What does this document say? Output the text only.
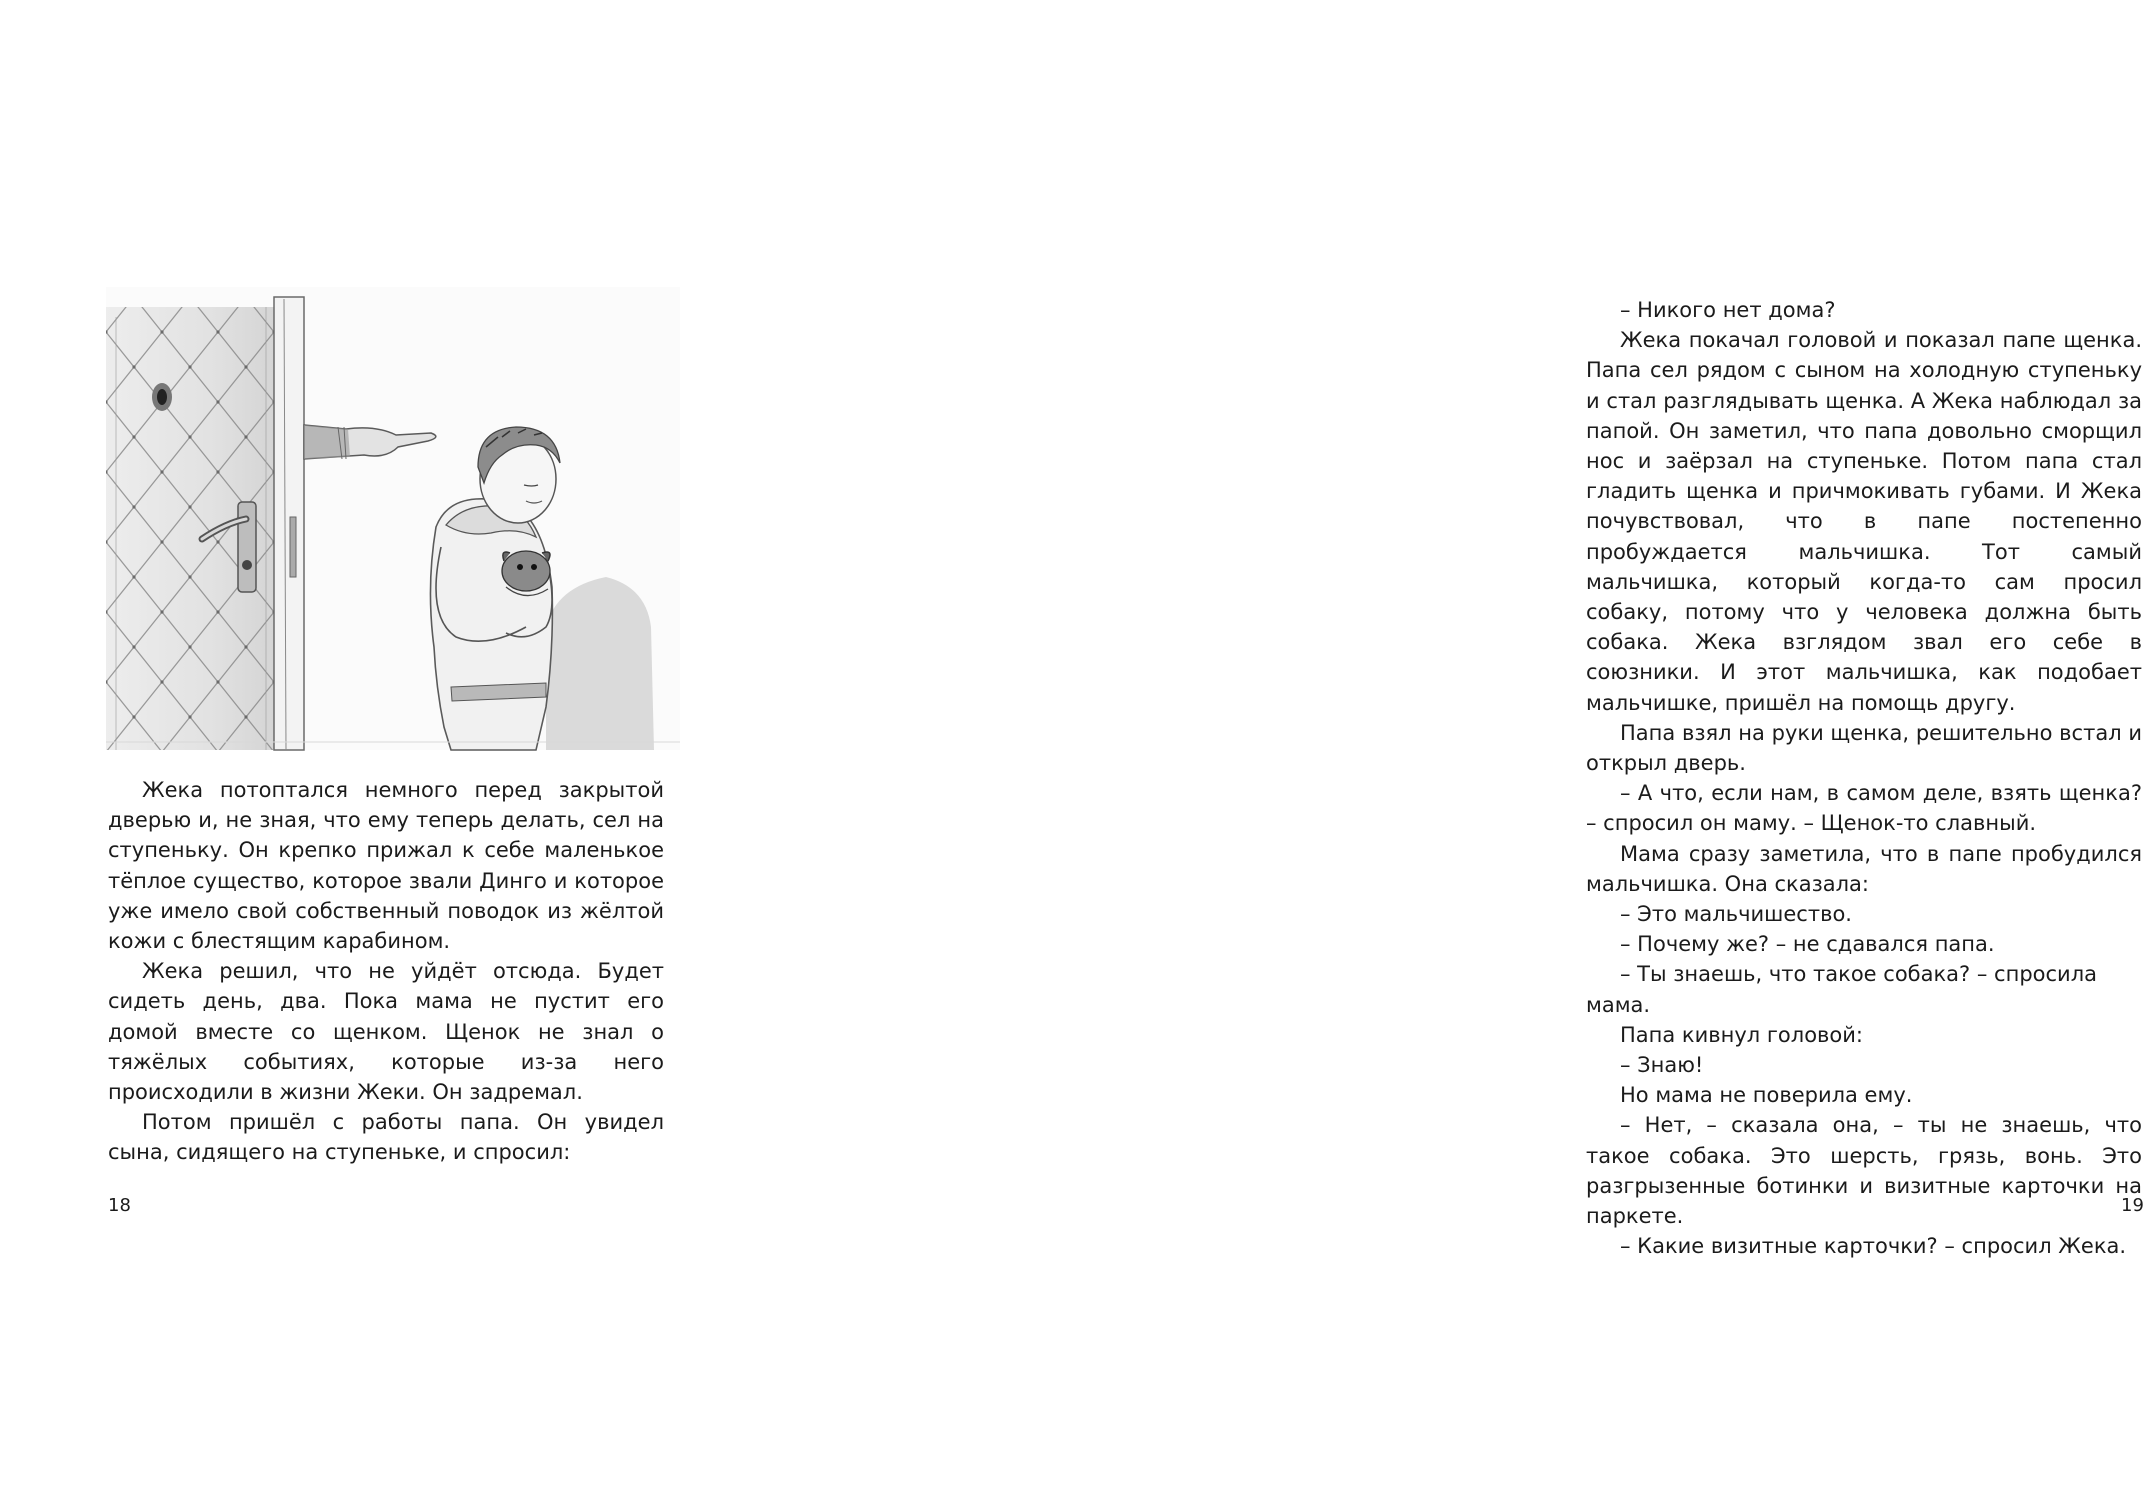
Жека потоптался немного перед закрытой дверью и, не зная, что ему теперь делать, сел на ступеньку. Он крепко прижал к себе маленькое тёплое существо, которое звали Динго и которое уже имело свой собственный поводок из жёлтой кожи с блестящим карабином.

Жека решил, что не уйдёт отсюда. Будет сидеть день, два. Пока мама не пустит его домой вместе со щенком. Щенок не знал о тяжёлых событиях, которые из-за него происходили в жизни Жеки. Он задремал.

Потом пришёл с работы папа. Он увидел сына, сидящего на ступеньке, и спросил:

18

– Никого нет дома?

Жека покачал головой и показал папе щенка. Папа сел рядом с сыном на холодную ступеньку и стал разглядывать щенка. А Жека наблюдал за папой. Он заметил, что папа довольно сморщил нос и заёрзал на ступеньке. Потом папа стал гладить щенка и причмокивать губами. И Жека почувствовал, что в папе постепенно пробуждается мальчишка. Тот самый мальчишка, который когда-то сам просил собаку, потому что у человека должна быть собака. Жека взглядом звал его себе в союзники. И этот мальчишка, как подобает мальчишке, пришёл на помощь другу.

Папа взял на руки щенка, решительно встал и открыл дверь.

– А что, если нам, в самом деле, взять щенка? – спросил он маму. – Щенок-то славный.

Мама сразу заметила, что в папе пробудился мальчишка. Она сказала:

– Это мальчишество.

– Почему же? – не сдавался папа.

– Ты знаешь, что такое собака? – спросила мама.

Папа кивнул головой:

– Знаю!

Но мама не поверила ему.

– Нет, – сказала она, – ты не знаешь, что такое собака. Это шерсть, грязь, вонь. Это разгрызенные ботинки и визитные карточки на паркете.

– Какие визитные карточки? – спросил Жека.

19
